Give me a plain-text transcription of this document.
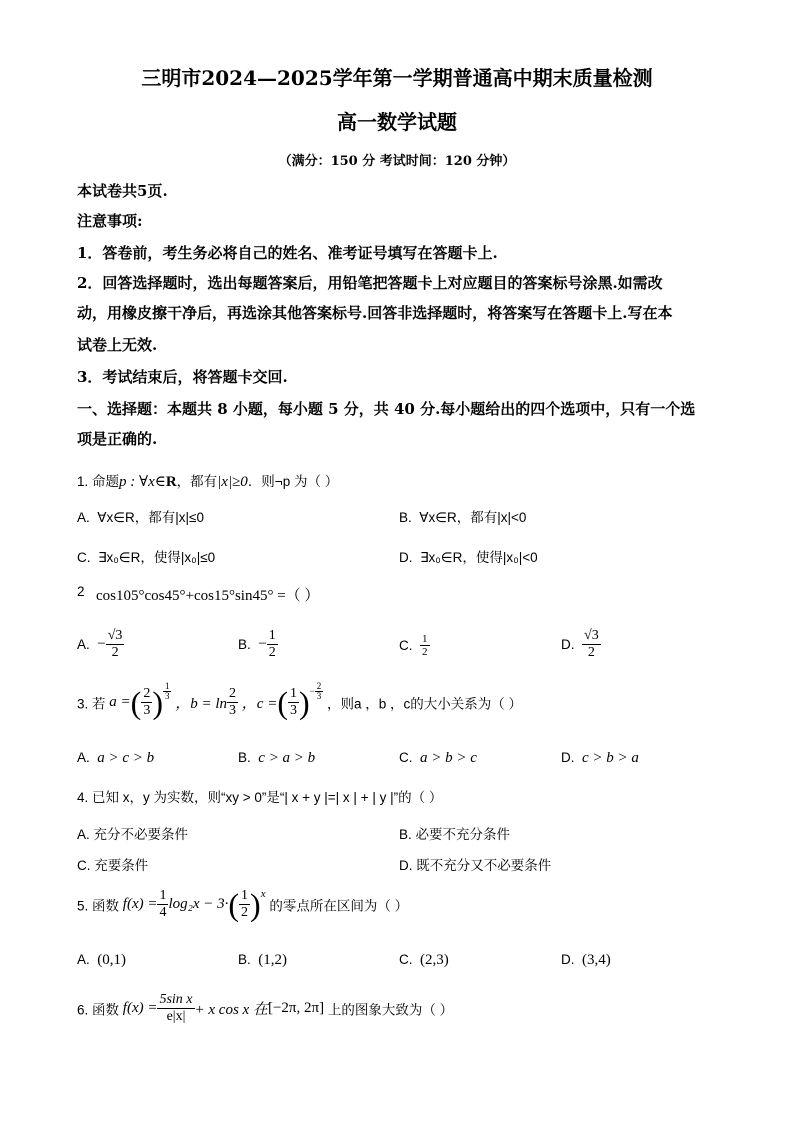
三明市2024—2025学年第一学期普通高中期末质量检测
高一数学试题
（满分：150 分 考试时间：120 分钟）
本试卷共5页.
注意事项:
1．答卷前，考生务必将自己的姓名、准考证号填写在答题卡上.
2．回答选择题时，选出每题答案后，用铅笔把答题卡上对应题目的答案标号涂黑.如需改
动，用橡皮擦干净后，再选涂其他答案标号.回答非选择题时，将答案写在答题卡上.写在本
试卷上无效.
3．考试结束后，将答题卡交回.
一、选择题：本题共 8 小题，每小题 5 分，共 40 分.每小题给出的四个选项中，只有一个选
项是正确的.
1. 命题p : ∀x∈R，都有|x|≥0．则¬p 为（ ）
A. ∀x∈R，都有|x|≤0	B. ∀x∈R，都有|x|<0
C. ∃x₀∈R，使得|x₀|≤0	D. ∃x₀∈R，使得|x₀|<0
2 cos105°cos45°+cos15°sin45° =（ ）
A. − $\frac{√3}{2}$	B. − $\frac{1}{2}$	C. $\frac{1}{2}$	D. $\frac{√3}{2}$
3. 若 a =( $\frac{2}{3}$ ) $\frac{1}{3}$
，$b = \ln \frac{2}{3}$ ，c =( $\frac{1}{3} )^- \frac{2}{3}$
，则a ，b ，c的大小关系为（ ）
A. a > c > b	B. c > a > b	C. a > b > c	D. c > b > a
4. 已知 x，y 为实数，则“xy > 0”是“| x + y |=| x | + | y |”的（ ）
A. 充分不必要条件	B. 必要不充分条件
C. 充要条件	D. 既不充分又不必要条件
5. 函数 $f(x) = \frac{1}{4} \log_2x - 3\cdot( \frac{1}{2} )^x$ 的零点所在区间为（ ）
A. (0,1)	B. (1,2)	C. (2,3)	D. (3,4)
6. 函数 $f(x) = \frac{\text{5sin x}}{e|x|} + x$ cos x 在[−2π, 2π] 上的图象大致为（ ）
